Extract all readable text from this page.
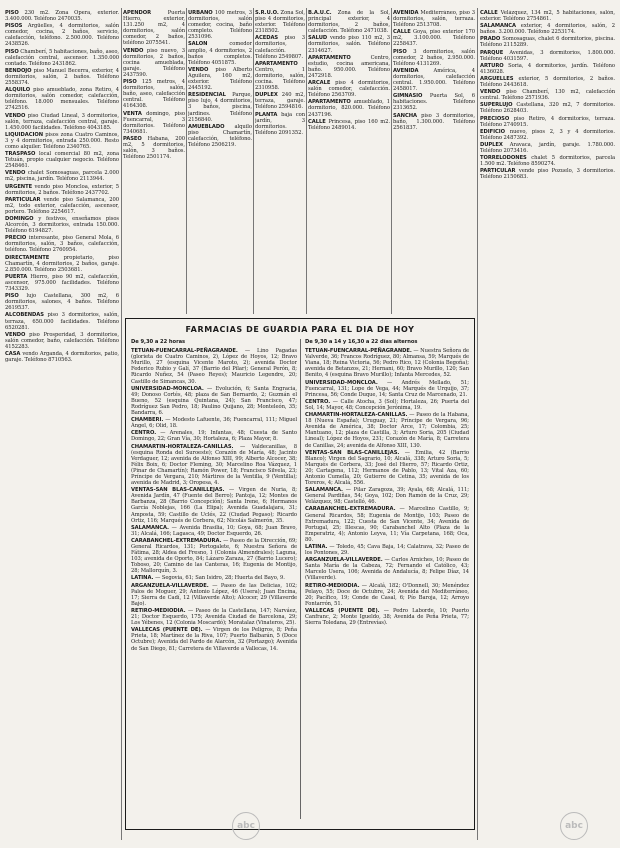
PISO 230 m2. Zona Ópera, exterior. 3.400.000. Teléfono 2470035.

PISOS Argüelles, 4 dormitorios, salón comedor, cocina, 2 baños, servicio, calefacción, teléfono. 2.500.000. Teléfono 2438526.

PISO Chamberí, 5 habitaciones, baño, aseo, calefacción central, ascensor. 1.350.000 contado. Teléfono 2431862.

BENDOJO piso Manuel Becerra, exterior, 4 dormitorios, salón, 2 baños. Teléfono 2558374.

ALQUILO piso amueblado, zona Retiro, 4 dormitorios, salón comedor, calefacción, teléfono. 18.000 mensuales. Teléfono 2742516.

VENDO piso Ciudad Lineal, 3 dormitorios, salón, terraza, calefacción central, garaje. 1.450.000 facilidades. Teléfono 4043185.

LIQUIDACION pisos zona Cuatro Caminos, 3 y 4 dormitorios, entrada 250.000. Resto como alquiler. Teléfono 2340765.

TRASPASO local comercial 80 m2, zona Tetuán, propio cualquier negocio. Teléfono 2548461.

VENDO chalet Somosaguas, parcela 2.000 m2, piscina, jardín. Teléfono 2113944.

URGENTE vendo piso Moncloa, exterior, 5 dormitorios, 2 baños. Teléfono 2437702.

PARTICULAR vende piso Salamanca, 200 m2, todo exterior, calefacción, ascensor, portero. Teléfono 2254617.

DOMINGO y festivos, enseñamos pisos Alcorcón, 3 dormitorios, entrada 150.000. Teléfono 6194827.

PRECIO interesante, piso General Mola, 6 dormitorios, salón, 3 baños, calefacción, teléfono. Teléfono 2760954.

DIRECTAMENTE	propietario, piso Chamartín, 4 dormitorios, 2 baños, garaje. 2.850.000. Teléfono 2503681.

PUERTA Hierro, piso 90 m2, calefacción, ascensor, 975.000 facilidades. Teléfono 7343329.

PISO lujo Castellana, 300 m2, 6 dormitorios, salones, 4 baños. Teléfono 2619537.

ALCOBENDAS piso 3 dormitorios, salón, terraza, 650.000 facilidades. Teléfono 6520281.

VENDO piso Prosperidad, 3 dormitorios, salón comedor, baño, calefacción. Teléfono 4152283.

CASA vendo Arganda, 4 dormitorios, patio, garaje. Teléfono 8710563.

APENDOR	Puerta Hierro, exterior, 131.250 m2, 4 dormitorios, salón comedor, 2 baños, teléfono 2075541.

VENDO piso nuevo, 3 dormitorios, 2 baños, cocina amueblada, garaje. Teléfono 2437590.

PISO 125 metros, 4 dormitorios, salón, baño, aseo, calefacción central. Teléfono 4164308.

VENTA domingo, piso Fuencarral, 3 dormitorios. Teléfono 7340681.

PASEO Habana, 200 m2, 5 dormitorios, salón, 3 baños. Teléfono 2501174.

URBANO 100 metros, 3 dormitorios, salón comedor, cocina, baño completo. Teléfono 2531096.

SALON	comedor amplio, 4 dormitorios, 2 baños completos. Teléfono 4051875.

VENDO piso Alberto Aguilera, 160 m2, exterior. Teléfono 2445192.

RESIDENCIAL Parque, piso lujo, 4 dormitorios, 3 baños, piscina, jardines. Teléfono 2156840.

AMUEBLADO alquilo piso Chamartín, calefacción, teléfono. Teléfono 2506219.

S.R.U.O. Zona Sol, piso 4 dormitorios, exterior. Teléfono 2318502.

ACEDAS piso 3 dormitorios, calefacción. Teléfono 2549807.

APARTAMENTO Centro, 1 dormitorio, salón, cocina. Teléfono 2310958.

DUPLEX 240 m2, terraza, garaje. Teléfono 2594816.

PLANTA baja con jardín, 3 dormitorios. Teléfono 2091352.

B.A.U.C. Zona de la Sol, principal exterior, 4 dormitorios, 2 baños, calefacción. Teléfono 2471038.

SALUD vendo piso 110 m2, 3 dormitorios, salón. Teléfono 2314627.

APARTAMENTO	Centro, estudio, cocina americana, baño. 950.000. Teléfono 2472918.

ARCALE piso 4 dormitorios, salón comedor, calefacción. Teléfono 2563709.

APARTAMENTO amueblado, 1 dormitorio, 820.000. Teléfono 2437196.

CALLE Princesa, piso 160 m2. Teléfono 2489014.

AVENIDA Mediterráneo, piso 3 dormitorios, salón, terraza. Teléfono 2513708.

CALLE Goya, piso exterior 170 m2, 3.100.000. Teléfono 2258437.

PISO 3 dormitorios, salón comedor, 2 baños, 2.950.000. Teléfono 4131269.

AVENIDA	América, 4 dormitorios, calefacción central. 1.950.000. Teléfono 2458017.

GIMNASIO Puerta Sol, 6 habitaciones. Teléfono 2313652.

SANCHA piso 3 dormitorios, baño, 1.300.000. Teléfono 2561837.

CALLE Velázquez, 134 m2, 5 habitaciones, salón, exterior. Teléfono 2754861.

SALAMANCA exterior, 4 dormitorios, salón, 2 baños. 3.200.000. Teléfono 2253174.

PRADO Somosaguas, chalet 6 dormitorios, piscina. Teléfono 2115289.

PARQUE Avenidas, 3 dormitorios, 1.800.000. Teléfono 4031597.

ARTURO Soria, 4 dormitorios, jardín. Teléfono 4136028.

ARGUELLES exterior, 5 dormitorios, 2 baños. Teléfono 2443618.

VENDO piso Chamberí, 130 m2, calefacción central. Teléfono 2571936.

SUPERLUJO Castellana, 320 m2, 7 dormitorios. Teléfono 2628403.

PRECIOSO piso Retiro, 4 dormitorios, terraza. Teléfono 2740915.

EDIFICIO nuevo, pisos 2, 3 y 4 dormitorios. Teléfono 2487392.

DUPLEX Aravaca, jardín, garaje. 1.780.000. Teléfono 2073416.

TORRELODONES chalet 5 dormitorios, parcela 1.500 m2. Teléfono 8590274.

PARTICULAR vende piso Pozuelo, 3 dormitorios. Teléfono 2150683.

FARMACIAS DE GUARDIA PARA EL DIA DE HOY

De 9,30 a 22 horas

TETUAN-FUENCARRAL-PEÑAGRANDE. — Lino Pagadas (glorieta de Cuatro Caminos, 2), López de Hoyos, 12; Bravo Murillo, 27 (esquina Vicente Maroto, 2); avenida Doctor Federico Rubio y Galí, 37 (Barrio del Pilar); General Perón, 8; Ricardo Nuñez, 54 (Paseo Reyes); Mauricio Legendre, 20; Castillo de Simancas, 30.

UNIVERSIDAD-MONCLOA. — Evolución, 6; Santa Engracia, 49; Donoso Cortés, 48; plaza de San Bernardo, 2; Guzmán el Bueno, 52 (esquina Quintana, 24); San Francisco, 47; Rodríguez San Pedro, 18; Paulino Quijano, 28; Monteleón, 35; Bandarra, 6.

CHAMBERI. — Modesto Lafuente, 36; Fuencarral, 111; Miguel Ángel, 6; Olid, 18.

CENTRO. — Arenales, 19; Infantas, 48; Cuesta de Santo Domingo, 22; Gran Vía, 30; Hortaleza, 6; Plaza Mayor, 8.

CHAMARTIN-HORTALEZA-CANILLAS. — Valdecanillas, 8 (esquina Ronda del Suroeste); Corazón de María, 48; Jacinto Verdaguer, 12; avenida de Alfonso XIII, 99; Alberto Alcocer, 38; Félix Boix, 6; Doctor Fleming, 30; Marcelino Roa Vázquez, 1 (Pinar de Chamartín); Ramón Power, 18; Francisco Silvela, 23; Príncipe de Vergara, 210; Mártires de la Ventilla, 9 (Ventilla); avenida de Madrid, 3; Oropesa, 4.

VENTAS-SAN BLAS-CANILLEJAS. — Virgen de Nuria, 8; Avenida Jardín, 47 (Fuente del Berro); Pantoja, 12; Montes de Barbanza, 28 (Barrio Concepción); Santa Irene, 6; Hermanos García Noblejas, 166 (La Elipa); Avenida Guadalajara, 31; Amposta, 59; Castillo de Uclés, 22 (Ciudad Pegaso); Ricardo Ortiz, 116; Marqués de Corbera, 62; Nicolás Salmerón, 35.

SALAMANCA. — Avenida Brasilia, 10; Goya, 68; Juan Bravo, 31; Alcalá, 166; Lagasca, 49; Doctor Esquerdo, 26.

CARABANCHEL-EXTREMADURA. — Paseo de la Dirección, 69; General Ricardos, 131; Portogalete, 6; Nuestra Señora de Fátima, 28; Aldea del Fresno, 1 (Colonia Almendrales); Laguna, 103; avenida de Oporto, 84; Lázaro Zaraza, 27 (Barrio Lucero); Toboso, 20; Camino de las Canteras, 16; Eugenia de Montijo, 28; Mallorquín, 3.

LATINA. — Segovia, 61; San Isidro, 28; Huerta del Bayo, 9.

ARGANZUELA-VILLAVERDE. — Paseo de las Delicias, 102; Palos de Moguer, 29; Antonio López, 46 (Usera); Juan Encina, 17; Sierra de Cadí, 12 (Villaverde Alto); Alcocer, 29 (Villaverde Bajo).

RETIRO-MEDIODIA. — Paseo de la Castellana, 147; Narváez, 21; Doctor Esquerdo, 175; Avenida Ciudad de Barcelona, 29; Los Yébenes, 12 (Colonia Moscardó); Moratalaz (Vinateros, 25).

VALLECAS (PUENTE DE). — Virgen de los Peligros, 8; Peña Prieta, 18; Martínez de la Riva, 107; Puerto Balbarán, 5 (Doce Octubre); Avenida del Pardo de Alarcón, 32 (Portazgo); Avenida de San Diego, 81; Carretera de Villaverde a Vallecas, 14.

De 9,30 a 14 y 16,30 a 22 días alternos

TETUAN-FUENCARRAL-PEÑAGRANDE. — Nuestra Señora de Valverde, 36; Francos Rodríguez, 80; Almansa, 59; Marqués de Viana, 18; Reina Victoria, 56; Pedro Rico, 12 (Colonia Begoña); avenida de Betanzos, 21; Hernani, 60; Bravo Murillo, 120; San Benito, 4 (esquina Bravo Murillo); Infanta Mercedes, 52.

UNIVERSIDAD-MONCLOA. — Andrés Mellado, 51; Fuencarral, 131; Lope de Vega, 44; Marqués de Urquijo, 37; Princesa, 56; Conde Duque, 14; Santa Cruz de Marcenado, 21.

CENTRO. — Calle Atocha, 3 (Sol); Hortaleza, 26; Puerta del Sol, 14; Mayor, 48; Concepción Jerónima, 19.

CHAMARTIN-HORTALEZA-CANILLAS. — Paseo de la Habana, 18 (Nueva España); Uruguay, 21; Príncipe de Vergara, 96; Avenida de América, 38; Doctor Arce, 17; Colombia, 25; Mantuano, 12; plaza de Castilla, 3; Arturo Soria, 205 (Ciudad Lineal); López de Hoyos, 231; Corazón de María, 8; Carretera de Canillas, 24; avenida de Alfonso XIII, 130.

VENTAS-SAN BLAS-CANILLEJAS. — Emilia, 42 (Barrio Blanco); Virgen del Sagrario, 10; Alcalá, 338; Arturo Soria, 5; Marqués de Corbera, 33; José del Hierro, 57; Ricardo Ortiz, 20; Cartagena, 112; Hermanos de Pablo, 13; Vital Aza, 60; Antonio Cumella, 20; Gutierre de Cetina, 35; avenida de los Toreros, 4; Alcalá, 556.

SALAMANCA. — Pilar Zaragoza, 39; Ayala, 68; Alcalá, 111; General Pardiñas, 54; Goya, 102; Don Ramón de la Cruz, 29; Velázquez, 98; Castelló, 46.

CARABANCHEL-EXTREMADURA. — Marcelino Castillo, 9; General Ricardos, 58; Eugenia de Montijo, 103; Paseo de Extremadura, 122; Cuesta de San Vicente, 34; Avenida de Portugal, 25; Illescas, 90; Carabanchel Alto (Plaza de la Emperatriz, 4); Antonio Leyva, 11; Vía Carpetana, 168; Oca, 80.

LATINA. — Toledo, 45; Cava Baja, 14; Calatrava, 32; Paseo de los Pontones, 29.

ARGANZUELA-VILLAVERDE. — Carlos Arniches, 10; Paseo de Santa María de la Cabeza, 72; Fernando el Católico, 43; Marcelo Usera, 106; Avenida de Andalucía, 8; Felipe Díaz, 14 (Villaverde).

RETIRO-MEDIODIA. — Alcalá, 182; O'Donnell, 30; Menéndez Pelayo, 55; Doce de Octubre, 24; Avenida del Mediterráneo, 20; Pacífico, 19; Conde de Casal, 6; Pío Baroja, 12; Arroyo Fontarrón, 51.

VALLECAS (PUENTE DE). — Pedro Laborde, 10; Puerto Canfranc, 2; Monte Igueldo, 38; Avenida de Peña Prieta, 77; Sierra Toledana, 29 (Entrevías).

abc	abc
